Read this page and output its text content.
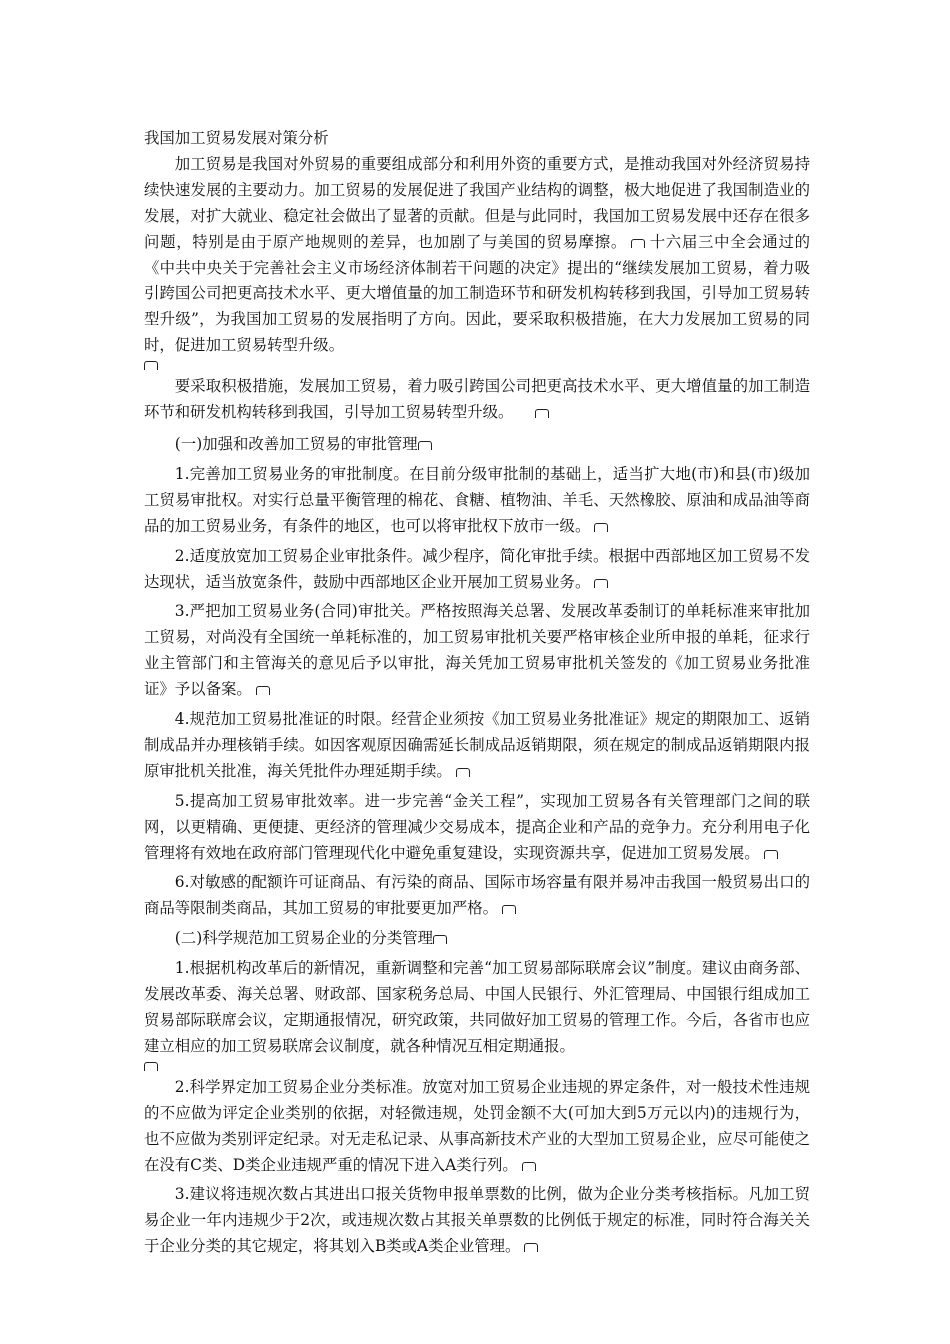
我国加工贸易发展对策分析

加工贸易是我国对外贸易的重要组成部分和利用外资的重要方式，是推动我国对外经济贸易持续快速发展的主要动力。加工贸易的发展促进了我国产业结构的调整，极大地促进了我国制造业的发展，对扩大就业、稳定社会做出了显著的贡献。但是与此同时，我国加工贸易发展中还存在很多问题，特别是由于原产地规则的差异，也加剧了与美国的贸易摩擦。 十六届三中全会通过的《中共中央关于完善社会主义市场经济体制若干问题的决定》提出的“继续发展加工贸易，着力吸引跨国公司把更高技术水平、更大增值量的加工制造环节和研发机构转移到我国，引导加工贸易转型升级”，为我国加工贸易的发展指明了方向。因此，要采取积极措施，在大力发展加工贸易的同时，促进加工贸易转型升级。

要采取积极措施，发展加工贸易，着力吸引跨国公司把更高技术水平、更大增值量的加工制造环节和研发机构转移到我国，引导加工贸易转型升级。

(一)加强和改善加工贸易的审批管理

1.完善加工贸易业务的审批制度。在目前分级审批制的基础上，适当扩大地(市)和县(市)级加工贸易审批权。对实行总量平衡管理的棉花、食糖、植物油、羊毛、天然橡胶、原油和成品油等商品的加工贸易业务，有条件的地区，也可以将审批权下放市一级。

2.适度放宽加工贸易企业审批条件。减少程序，简化审批手续。根据中西部地区加工贸易不发达现状，适当放宽条件，鼓励中西部地区企业开展加工贸易业务。

3.严把加工贸易业务(合同)审批关。严格按照海关总署、发展改革委制订的单耗标准来审批加工贸易，对尚没有全国统一单耗标准的，加工贸易审批机关要严格审核企业所申报的单耗，征求行业主管部门和主管海关的意见后予以审批，海关凭加工贸易审批机关签发的《加工贸易业务批准证》予以备案。

4.规范加工贸易批准证的时限。经营企业须按《加工贸易业务批准证》规定的期限加工、返销制成品并办理核销手续。如因客观原因确需延长制成品返销期限，须在规定的制成品返销期限内报原审批机关批准，海关凭批件办理延期手续。

5.提高加工贸易审批效率。进一步完善“金关工程”，实现加工贸易各有关管理部门之间的联网，以更精确、更便捷、更经济的管理减少交易成本，提高企业和产品的竞争力。充分利用电子化管理将有效地在政府部门管理现代化中避免重复建设，实现资源共享，促进加工贸易发展。

6.对敏感的配额许可证商品、有污染的商品、国际市场容量有限并易冲击我国一般贸易出口的商品等限制类商品，其加工贸易的审批要更加严格。

(二)科学规范加工贸易企业的分类管理

1.根据机构改革后的新情况，重新调整和完善“加工贸易部际联席会议”制度。建议由商务部、发展改革委、海关总署、财政部、国家税务总局、中国人民银行、外汇管理局、中国银行组成加工贸易部际联席会议，定期通报情况，研究政策，共同做好加工贸易的管理工作。今后，各省市也应建立相应的加工贸易联席会议制度，就各种情况互相定期通报。

2.科学界定加工贸易企业分类标准。放宽对加工贸易企业违规的界定条件，对一般技术性违规的不应做为评定企业类别的依据，对轻微违规，处罚金额不大(可加大到5万元以内)的违规行为，也不应做为类别评定纪录。对无走私记录、从事高新技术产业的大型加工贸易企业，应尽可能使之在没有C类、D类企业违规严重的情况下进入A类行列。

3.建议将违规次数占其进出口报关货物申报单票数的比例，做为企业分类考核指标。凡加工贸易企业一年内违规少于2次，或违规次数占其报关单票数的比例低于规定的标准，同时符合海关关于企业分类的其它规定，将其划入B类或A类企业管理。
